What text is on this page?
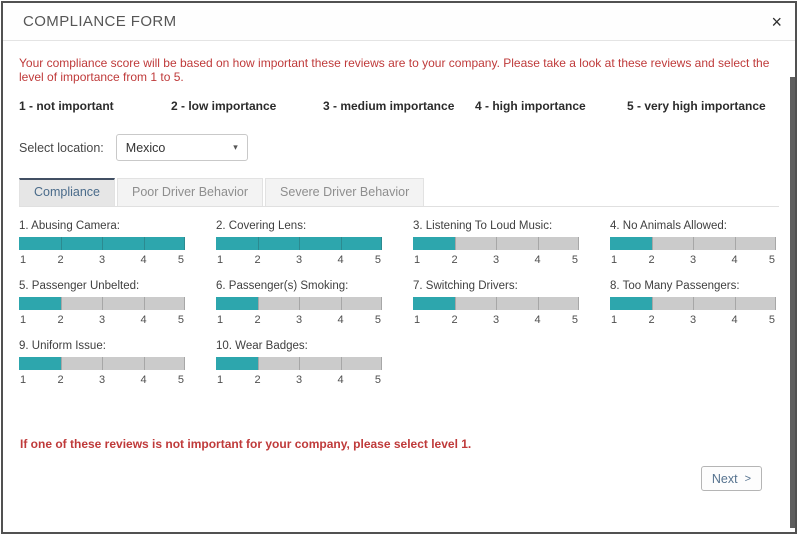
COMPLIANCE FORM	×
Your compliance score will be based on how important these reviews are to your company. Please take a look at these reviews and select the level of importance from 1 to 5.
1 - not important	2 - low importance	3 - medium importance	4 - high importance	5 - very high importance
Select location: Mexico	▾
Compliance	Poor Driver Behavior	Severe Driver Behavior
1. Abusing Camera:
1	2	3	4	5
2. Covering Lens:
1	2	3	4	5
3. Listening To Loud Music:
1	2	3	4	5
4. No Animals Allowed:
1	2	3	4	5
5. Passenger Unbelted:
1	2	3	4	5
6. Passenger(s) Smoking:
1	2	3	4	5
7. Switching Drivers:
1	2	3	4	5
8. Too Many Passengers:
1	2	3	4	5
9. Uniform Issue:
1	2	3	4	5
10. Wear Badges:
1	2	3	4	5
If one of these reviews is not important for your company, please select level 1.
Next >
